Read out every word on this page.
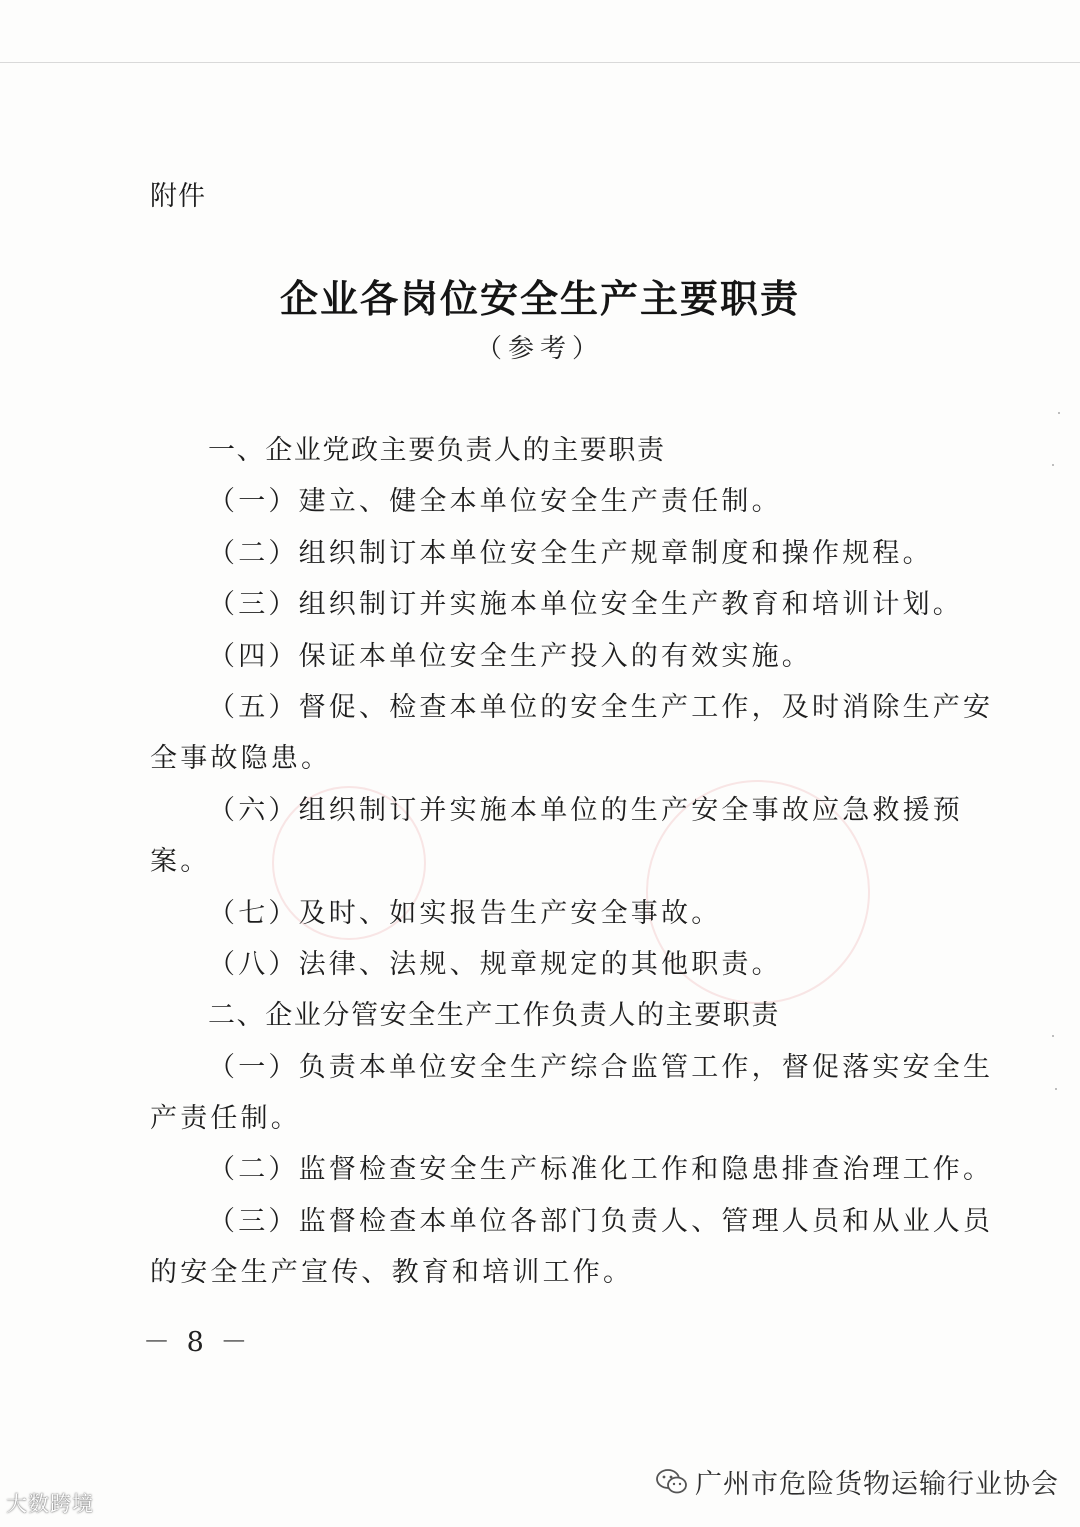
附件
企业各岗位安全生产主要职责
（参考）
一、企业党政主要负责人的主要职责
（一）建立、健全本单位安全生产责任制。
（二）组织制订本单位安全生产规章制度和操作规程。
（三）组织制订并实施本单位安全生产教育和培训计划。
（四）保证本单位安全生产投入的有效实施。
（五）督促、检查本单位的安全生产工作，及时消除生产安
全事故隐患。
（六）组织制订并实施本单位的生产安全事故应急救援预
案。
（七）及时、如实报告生产安全事故。
（八）法律、法规、规章规定的其他职责。
二、企业分管安全生产工作负责人的主要职责
（一）负责本单位安全生产综合监管工作，督促落实安全生
产责任制。
（二）监督检查安全生产标准化工作和隐患排查治理工作。
（三）监督检查本单位各部门负责人、管理人员和从业人员
的安全生产宣传、教育和培训工作。
－ 8 －
大数跨境
广州市危险货物运输行业协会
